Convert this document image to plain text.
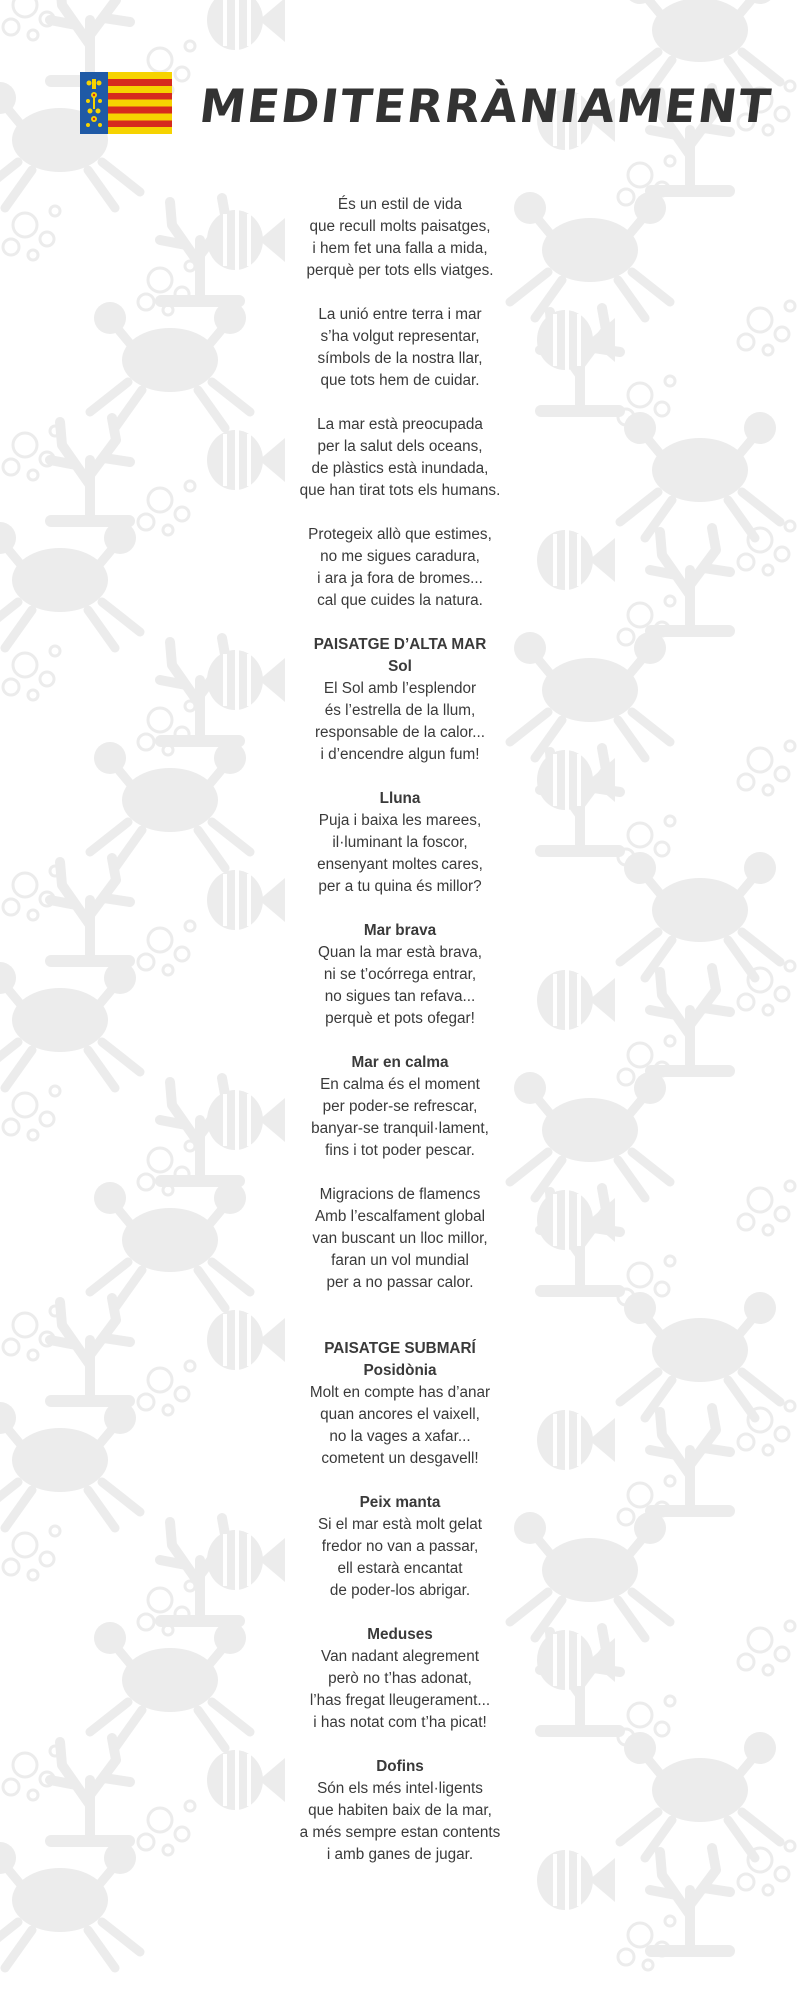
MEDITERRÀNIAMENT
És un estil de vida
que recull molts paisatges,
i hem fet una falla a mida,
perquè per tots ells viatges.
La unió entre terra i mar
s’ha volgut representar,
símbols de la nostra llar,
que tots hem de cuidar.
La mar està preocupada
per la salut dels oceans,
de plàstics està inundada,
que han tirat tots els humans.
Protegeix allò que estimes,
no me sigues caradura,
i ara ja fora de bromes...
cal que cuides la natura.
PAISATGE D’ALTA MAR
Sol
El Sol amb l’esplendor
és l’estrella de la llum,
responsable de la calor...
i d’encendre algun fum!
Lluna
Puja i baixa les marees,
il·luminant la foscor,
ensenyant moltes cares,
per a tu quina és millor?
Mar brava
Quan la mar està brava,
ni se t’ocórrega entrar,
no sigues tan refava...
perquè et pots ofegar!
Mar en calma
En calma és el moment
per poder-se refrescar,
banyar-se tranquil·lament,
fins i tot poder pescar.
Migracions de flamencs
Amb l’escalfament global
van buscant un lloc millor,
faran un vol mundial
per a no passar calor.
PAISATGE SUBMARÍ
Posidònia
Molt en compte has d’anar
quan ancores el vaixell,
no la vages a xafar...
cometent un desgavell!
Peix manta
Si el mar està molt gelat
fredor no van a passar,
ell estarà encantat
de poder-los abrigar.
Meduses
Van nadant alegrement
però no t’has adonat,
l’has fregat lleugerament...
i has notat com t’ha picat!
Dofins
Són els més intel·ligents
que habiten baix de la mar,
a més sempre estan contents
i amb ganes de jugar.
